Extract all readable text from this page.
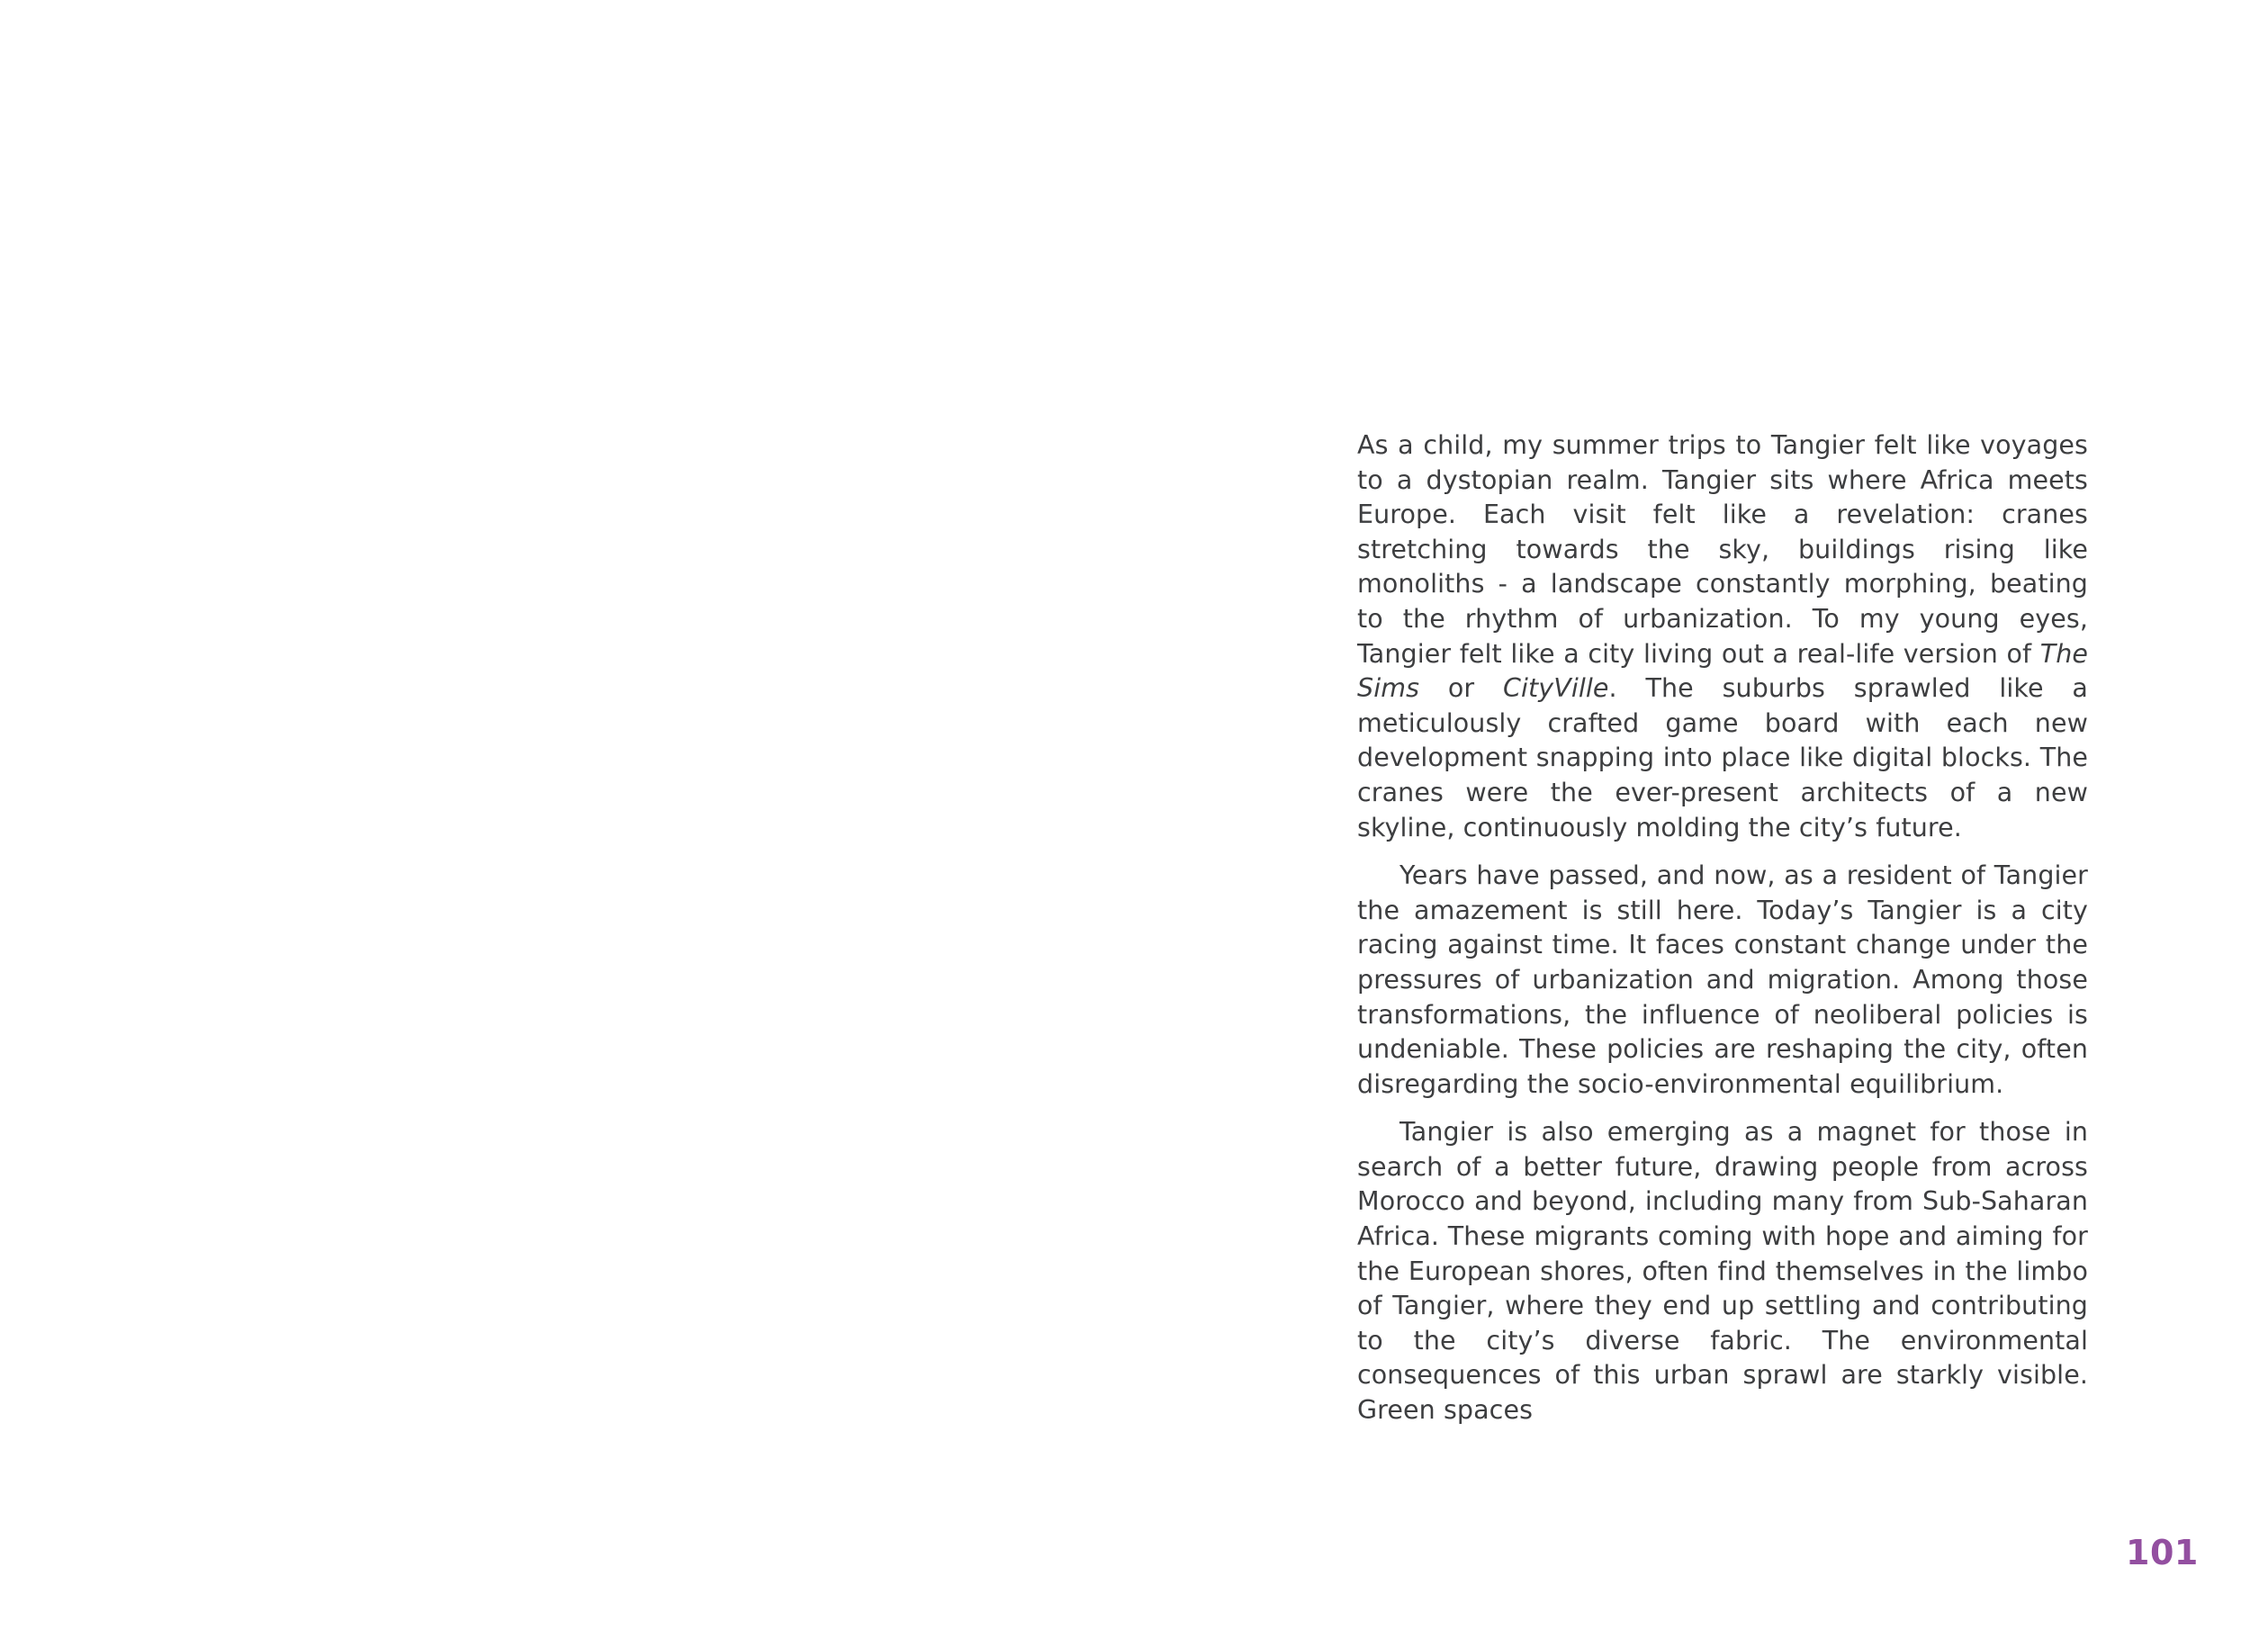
As a child, my summer trips to Tangier felt like voyages to a dystopian realm. Tangier sits where Africa meets Europe. Each visit felt like a revelation: cranes stretching towards the sky, buildings rising like monoliths - a landscape constantly morphing, beating to the rhythm of urbanization. To my young eyes, Tangier felt like a city living out a real-life version of The Sims or CityVille. The suburbs sprawled like a meticulously crafted game board with each new development snapping into place like digital blocks. The cranes were the ever-present architects of a new skyline, continuously molding the city’s future.

Years have passed, and now, as a resident of Tangier the amazement is still here. Today’s Tangier is a city racing against time. It faces constant change under the pressures of urbanization and migration. Among those transformations, the influence of neoliberal policies is undeniable. These policies are reshaping the city, often disregarding the socio-environmental equilibrium.

Tangier is also emerging as a magnet for those in search of a better future, drawing people from across Morocco and beyond, including many from Sub-Saharan Africa. These migrants coming with hope and aiming for the European shores, often find themselves in the limbo of Tangier, where they end up settling and contributing to the city’s diverse fabric. The environmental consequences of this urban sprawl are starkly visible. Green spaces

101
